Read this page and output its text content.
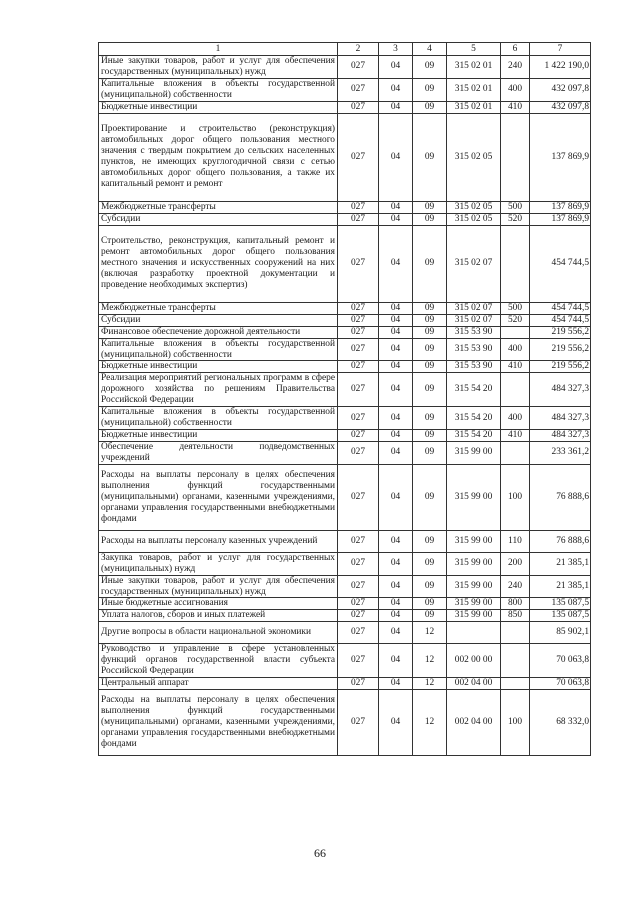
1	2	3	4	5	6	7
Иные закупки товаров, работ и услуг для обеспечения государственных (муниципальных) нужд	027	04	09	315 02 01	240	1 422 190,0
Капитальные вложения в объекты государственной (муниципальной) собственности	027	04	09	315 02 01	400	432 097,8
Бюджетные инвестиции	027	04	09	315 02 01	410	432 097,8
Проектирование и строительство (реконструкция) автомобильных дорог общего пользования местного значения с твердым покрытием до сельских населенных пунктов, не имеющих круглогодичной связи с сетью автомобильных дорог общего пользования, а также их капитальный ремонт и ремонт	027	04	09	315 02 05		137 869,9
Межбюджетные трансферты	027	04	09	315 02 05	500	137 869,9
Субсидии	027	04	09	315 02 05	520	137 869,9
Строительство, реконструкция, капитальный ремонт и ремонт автомобильных дорог общего пользования местного значения и искусственных сооружений на них (включая разработку проектной документации и проведение необходимых экспертиз)	027	04	09	315 02 07		454 744,5
Межбюджетные трансферты	027	04	09	315 02 07	500	454 744,5
Субсидии	027	04	09	315 02 07	520	454 744,5
Финансовое обеспечение дорожной деятельности	027	04	09	315 53 90		219 556,2
Капитальные вложения в объекты государственной (муниципальной) собственности	027	04	09	315 53 90	400	219 556,2
Бюджетные инвестиции	027	04	09	315 53 90	410	219 556,2
Реализация мероприятий региональных программ в сфере дорожного хозяйства по решениям Правительства Российской Федерации	027	04	09	315 54 20		484 327,3
Капитальные вложения в объекты государственной (муниципальной) собственности	027	04	09	315 54 20	400	484 327,3
Бюджетные инвестиции	027	04	09	315 54 20	410	484 327,3
Обеспечение деятельности подведомственных учреждений	027	04	09	315 99 00		233 361,2
Расходы на выплаты персоналу в целях обеспечения выполнения функций государственными (муниципальными) органами, казенными учреждениями, органами управления государственными внебюджетными фондами	027	04	09	315 99 00	100	76 888,6
Расходы на выплаты персоналу казенных учреждений	027	04	09	315 99 00	110	76 888,6
Закупка товаров, работ и услуг для государственных (муниципальных) нужд	027	04	09	315 99 00	200	21 385,1
Иные закупки товаров, работ и услуг для обеспечения государственных (муниципальных) нужд	027	04	09	315 99 00	240	21 385,1
Иные бюджетные ассигнования	027	04	09	315 99 00	800	135 087,5
Уплата налогов, сборов и иных платежей	027	04	09	315 99 00	850	135 087,5
Другие вопросы в области национальной экономики	027	04	12			85 902,1
Руководство и управление в сфере установленных функций органов государственной власти субъекта Российской Федерации	027	04	12	002 00 00		70 063,8
Центральный аппарат	027	04	12	002 04 00		70 063,8
Расходы на выплаты персоналу в целях обеспечения выполнения функций государственными (муниципальными) органами, казенными учреждениями, органами управления государственными внебюджетными фондами	027	04	12	002 04 00	100	68 332,0
66
